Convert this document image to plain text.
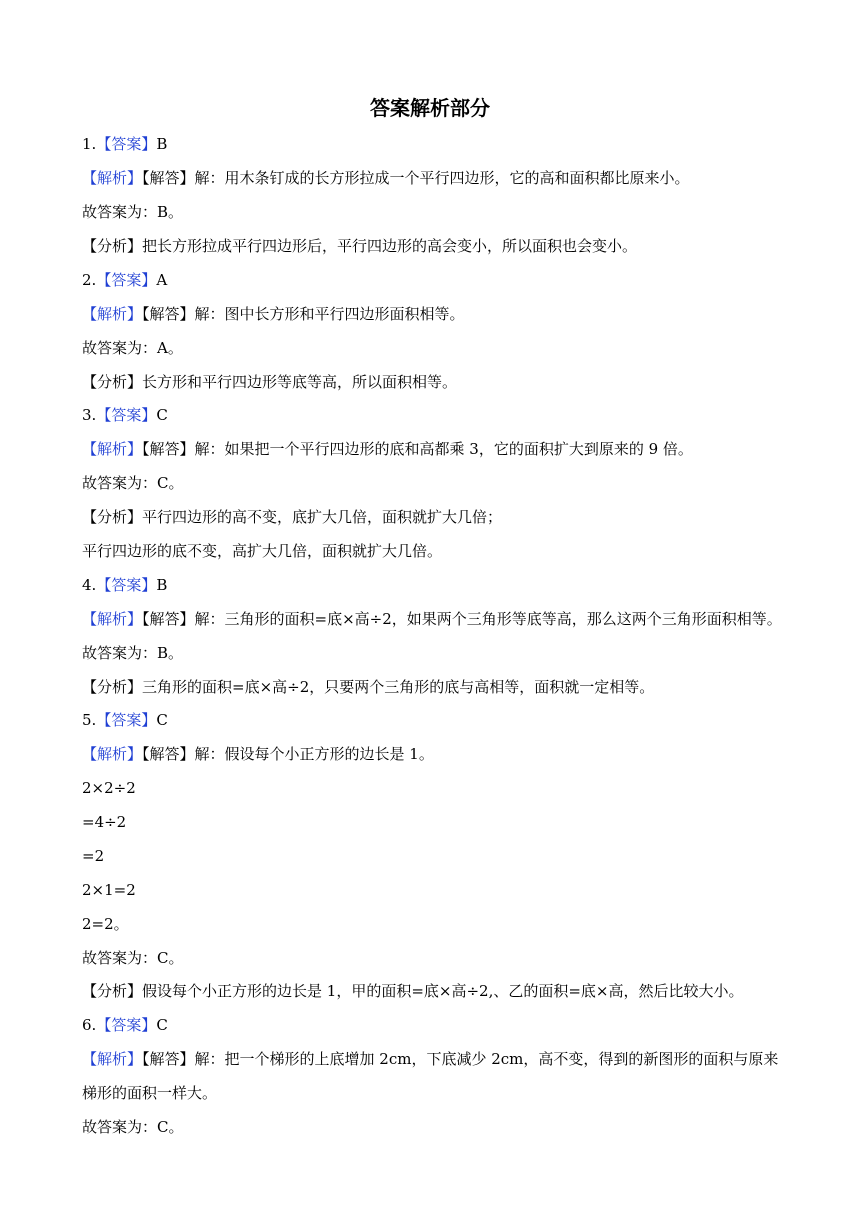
答案解析部分
1.【答案】B
【解析】【解答】解：用木条钉成的长方形拉成一个平行四边形，它的高和面积都比原来小。
故答案为：B。
【分析】把长方形拉成平行四边形后，平行四边形的高会变小，所以面积也会变小。
2.【答案】A
【解析】【解答】解：图中长方形和平行四边形面积相等。
故答案为：A。
【分析】长方形和平行四边形等底等高，所以面积相等。
3.【答案】C
【解析】【解答】解：如果把一个平行四边形的底和高都乘 3，它的面积扩大到原来的 9 倍。
故答案为：C。
【分析】平行四边形的高不变，底扩大几倍，面积就扩大几倍；
平行四边形的底不变，高扩大几倍，面积就扩大几倍。
4.【答案】B
【解析】【解答】解：三角形的面积=底×高÷2，如果两个三角形等底等高，那么这两个三角形面积相等。
故答案为：B。
【分析】三角形的面积=底×高÷2，只要两个三角形的底与高相等，面积就一定相等。
5.【答案】C
【解析】【解答】解：假设每个小正方形的边长是 1。
2×2÷2
=4÷2
=2
2×1=2
2=2。
故答案为：C。
【分析】假设每个小正方形的边长是 1，甲的面积=底×高÷2,、乙的面积=底×高，然后比较大小。
6.【答案】C
【解析】【解答】解：把一个梯形的上底增加 2cm，下底减少 2cm，高不变，得到的新图形的面积与原来
梯形的面积一样大。
故答案为：C。
